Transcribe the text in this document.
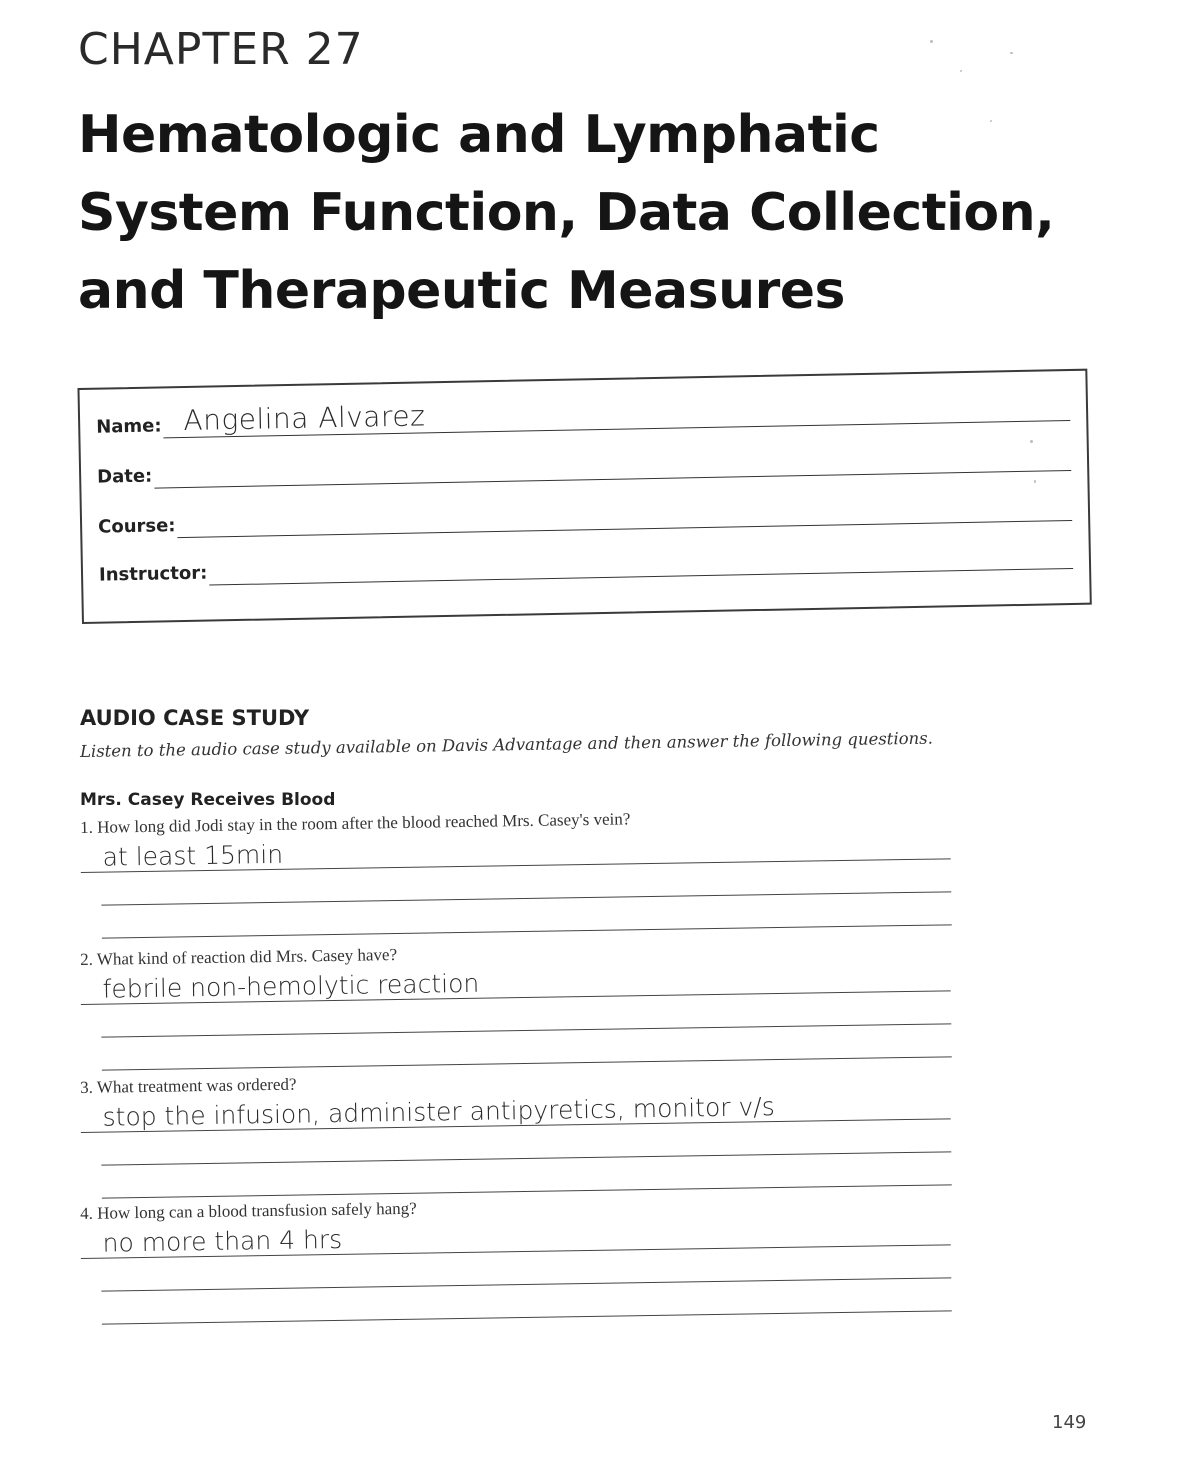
CHAPTER 27
Hematologic and Lymphatic
System Function, Data Collection,
and Therapeutic Measures
Name: Angelina Alvarez
Date:
Course:
Instructor:
AUDIO CASE STUDY
Listen to the audio case study available on Davis Advantage and then answer the following questions.
Mrs. Casey Receives Blood
1. How long did Jodi stay in the room after the blood reached Mrs. Casey's vein?
at least 15min
2. What kind of reaction did Mrs. Casey have?
febrile non-hemolytic reaction
3. What treatment was ordered?
stop the infusion, administer antipyretics, monitor v/s
4. How long can a blood transfusion safely hang?
no more than 4 hrs
149
